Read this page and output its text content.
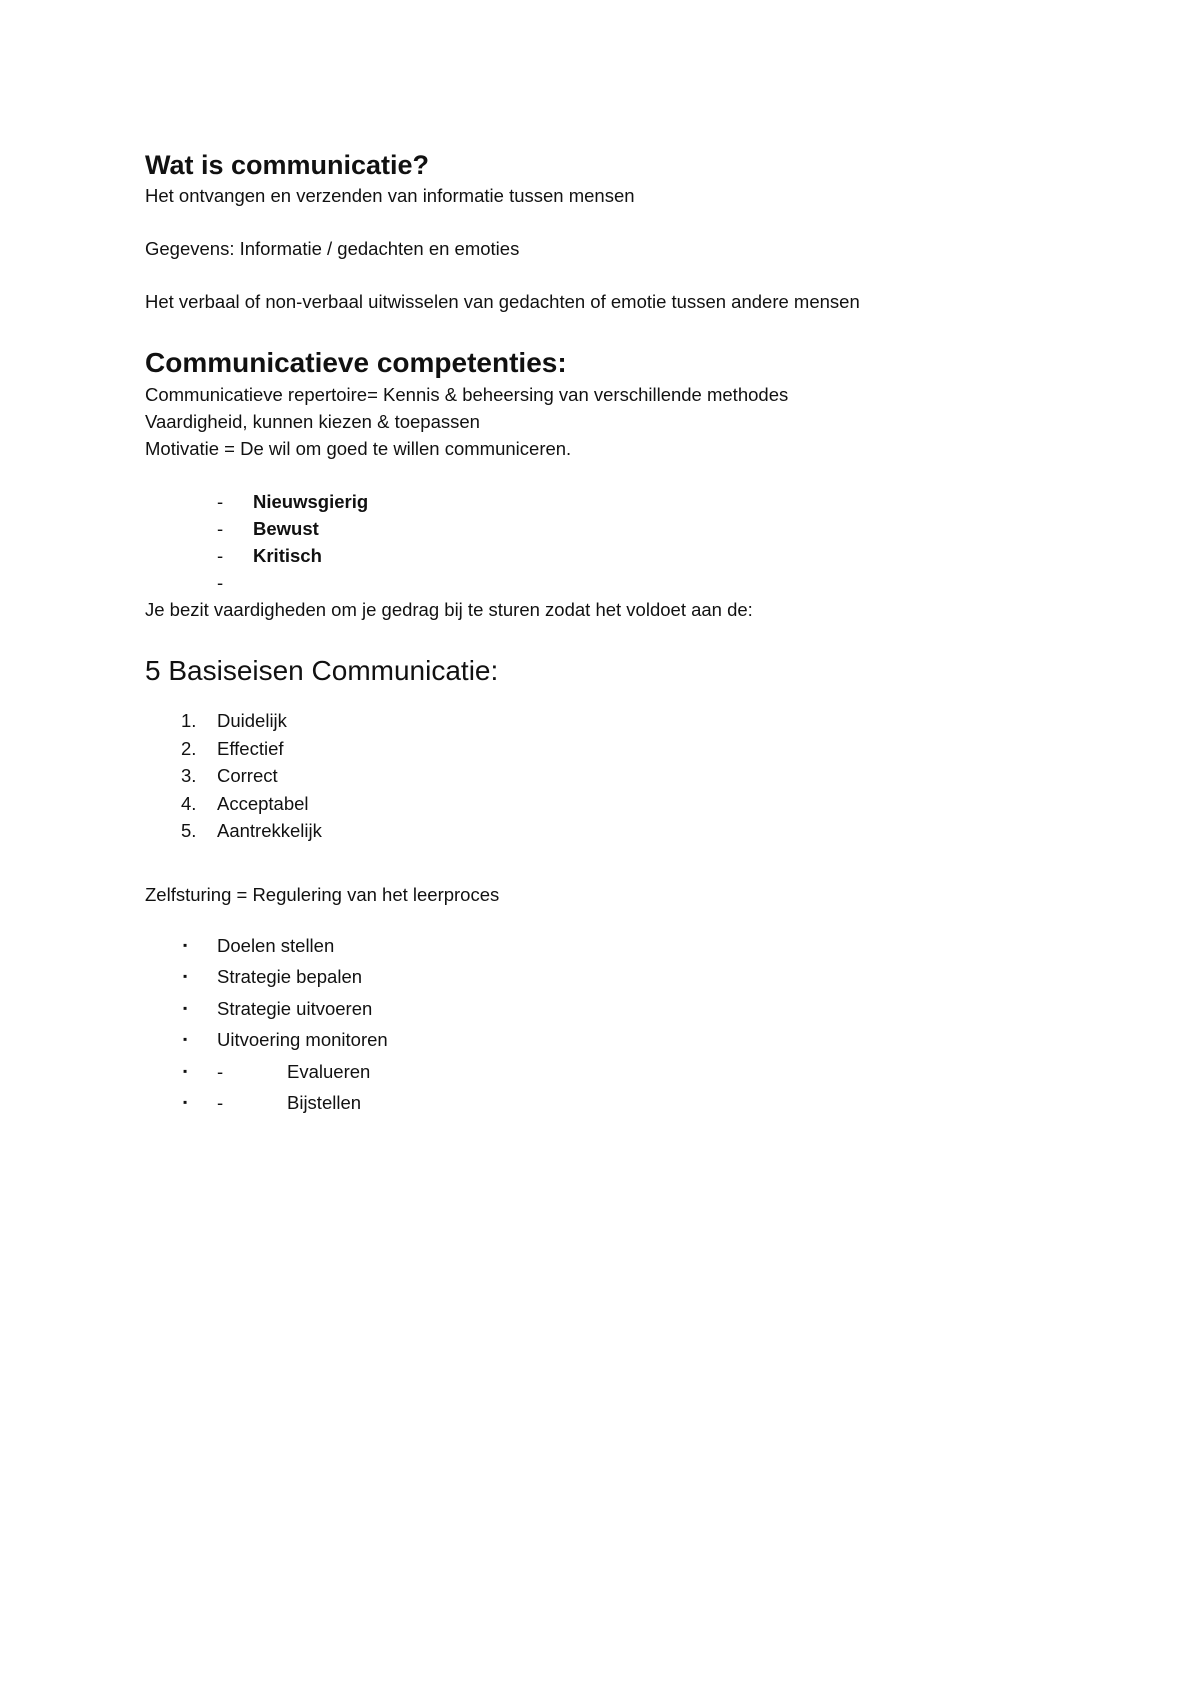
Wat is communicatie?
Het ontvangen en verzenden van informatie tussen mensen
Gegevens: Informatie / gedachten en emoties
Het verbaal of non-verbaal uitwisselen van gedachten of emotie tussen andere mensen
Communicatieve competenties:
Communicatieve repertoire= Kennis & beheersing van verschillende methodes
Vaardigheid, kunnen kiezen & toepassen
Motivatie = De wil om goed te willen communiceren.
- Nieuwsgierig
- Bewust
- Kritisch
-
Je bezit vaardigheden om je gedrag bij te sturen zodat het voldoet aan de:
5 Basiseisen Communicatie:
1. Duidelijk
2. Effectief
3. Correct
4. Acceptabel
5. Aantrekkelijk
Zelfsturing = Regulering van het leerproces
▪ Doelen stellen
▪ Strategie bepalen
▪ Strategie uitvoeren
▪ Uitvoering monitoren
▪ -	Evalueren
▪ -	Bijstellen
